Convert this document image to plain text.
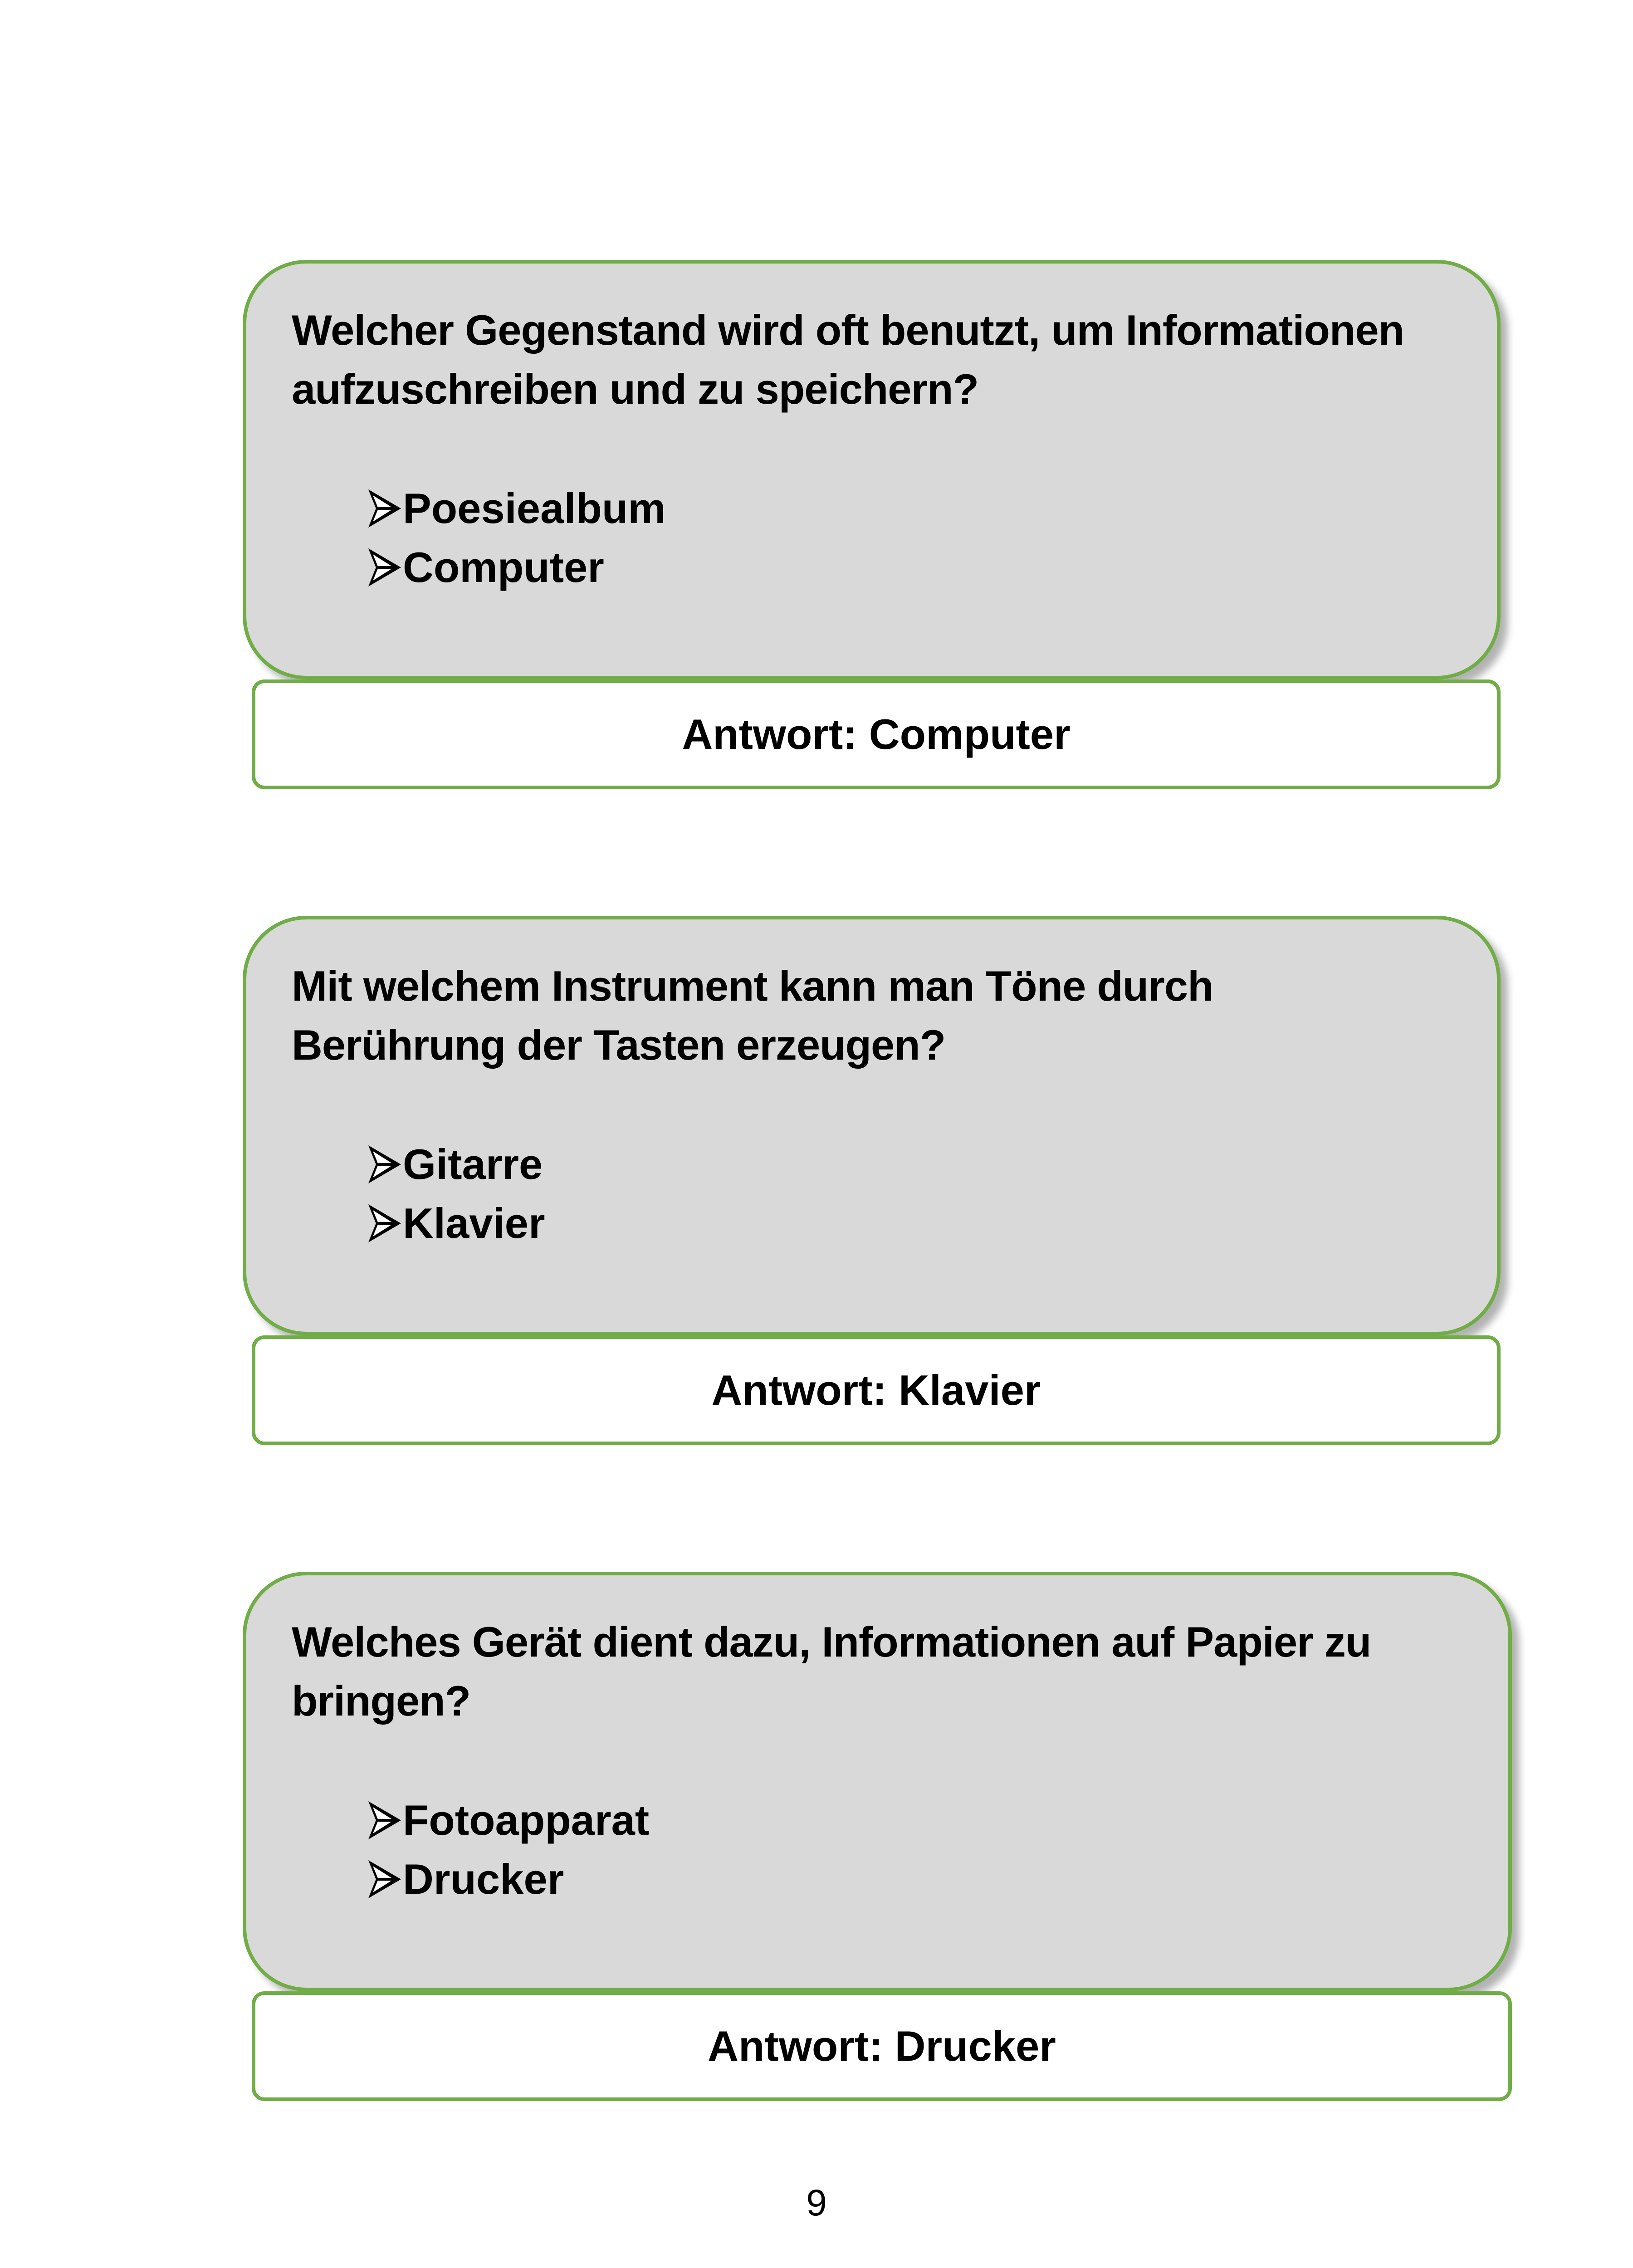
Welcher Gegenstand wird oft benutzt, um Informationen
aufzuschreiben und zu speichern?

Poesiealbum
Computer
Antwort: Computer

Mit welchem Instrument kann man Töne durch
Berührung der Tasten erzeugen?

Gitarre
Klavier
Antwort: Klavier

Welches Gerät dient dazu, Informationen auf Papier zu
bringen?

Fotoapparat
Drucker
Antwort: Drucker
9
